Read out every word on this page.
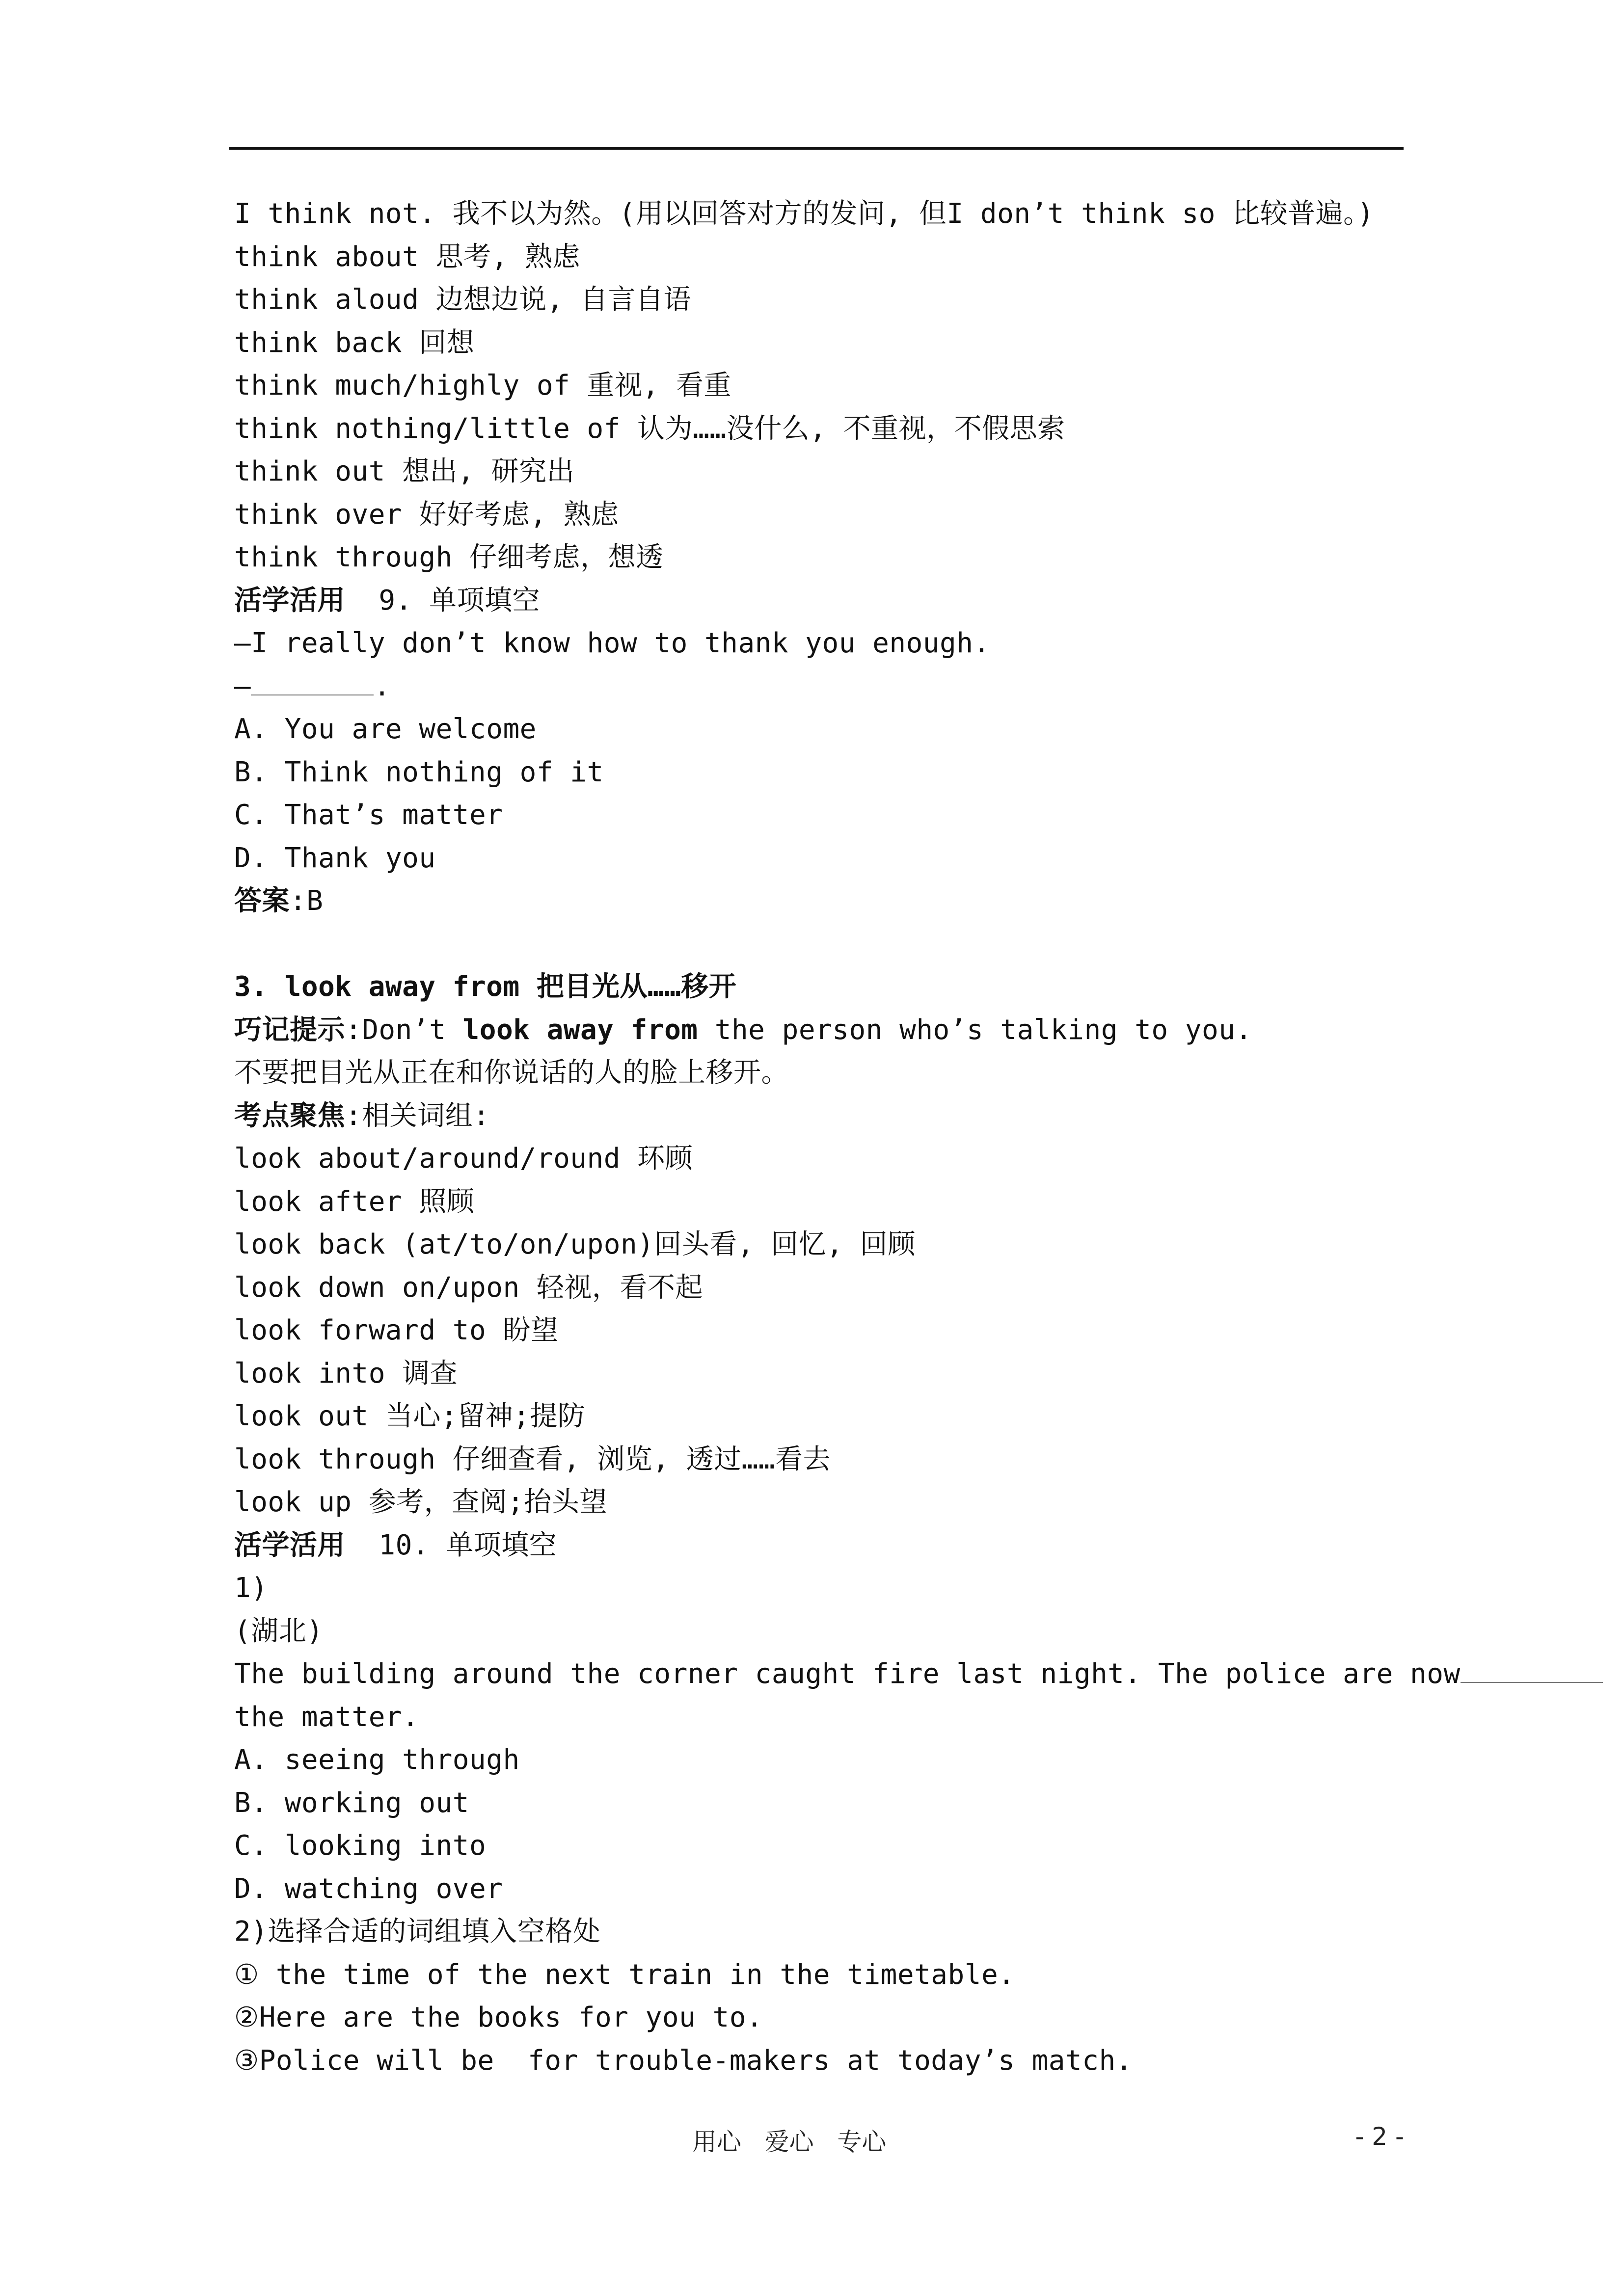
I think not. 我不以为然。(用以回答对方的发问, 但I don’t think so 比较普遍。)
think about 思考, 熟虑
think aloud 边想边说, 自言自语
think back 回想
think much/highly of 重视, 看重
think nothing/little of 认为……没什么, 不重视，不假思索
think out 想出, 研究出
think over 好好考虑, 熟虑
think through 仔细考虑，想透
活学活用  9. 单项填空
—I really don’t know how to thank you enough.
—	.
A. You are welcome
B. Think nothing of it
C. That’s matter
D. Thank you
答案:B
3. look away from 把目光从……移开
巧记提示:Don’t look away from the person who’s talking to you.
不要把目光从正在和你说话的人的脸上移开。
考点聚焦:相关词组:
look about/around/round 环顾
look after 照顾
look back (at/to/on/upon)回头看, 回忆, 回顾
look down on/upon 轻视，看不起
look forward to 盼望
look into 调查
look out 当心;留神;提防
look through 仔细查看, 浏览, 透过……看去
look up 参考，查阅;抬头望
活学活用  10. 单项填空
1)
(湖北)
The building around the corner caught fire last night. The police are now
the matter.
A. seeing through
B. working out
C. looking into
D. watching over
2)选择合适的词组填入空格处
① the time of the next train in the timetable.
②Here are the books for you to.
③Police will be  for trouble-makers at today’s match.
用心   爱心   专心	- 2 -
